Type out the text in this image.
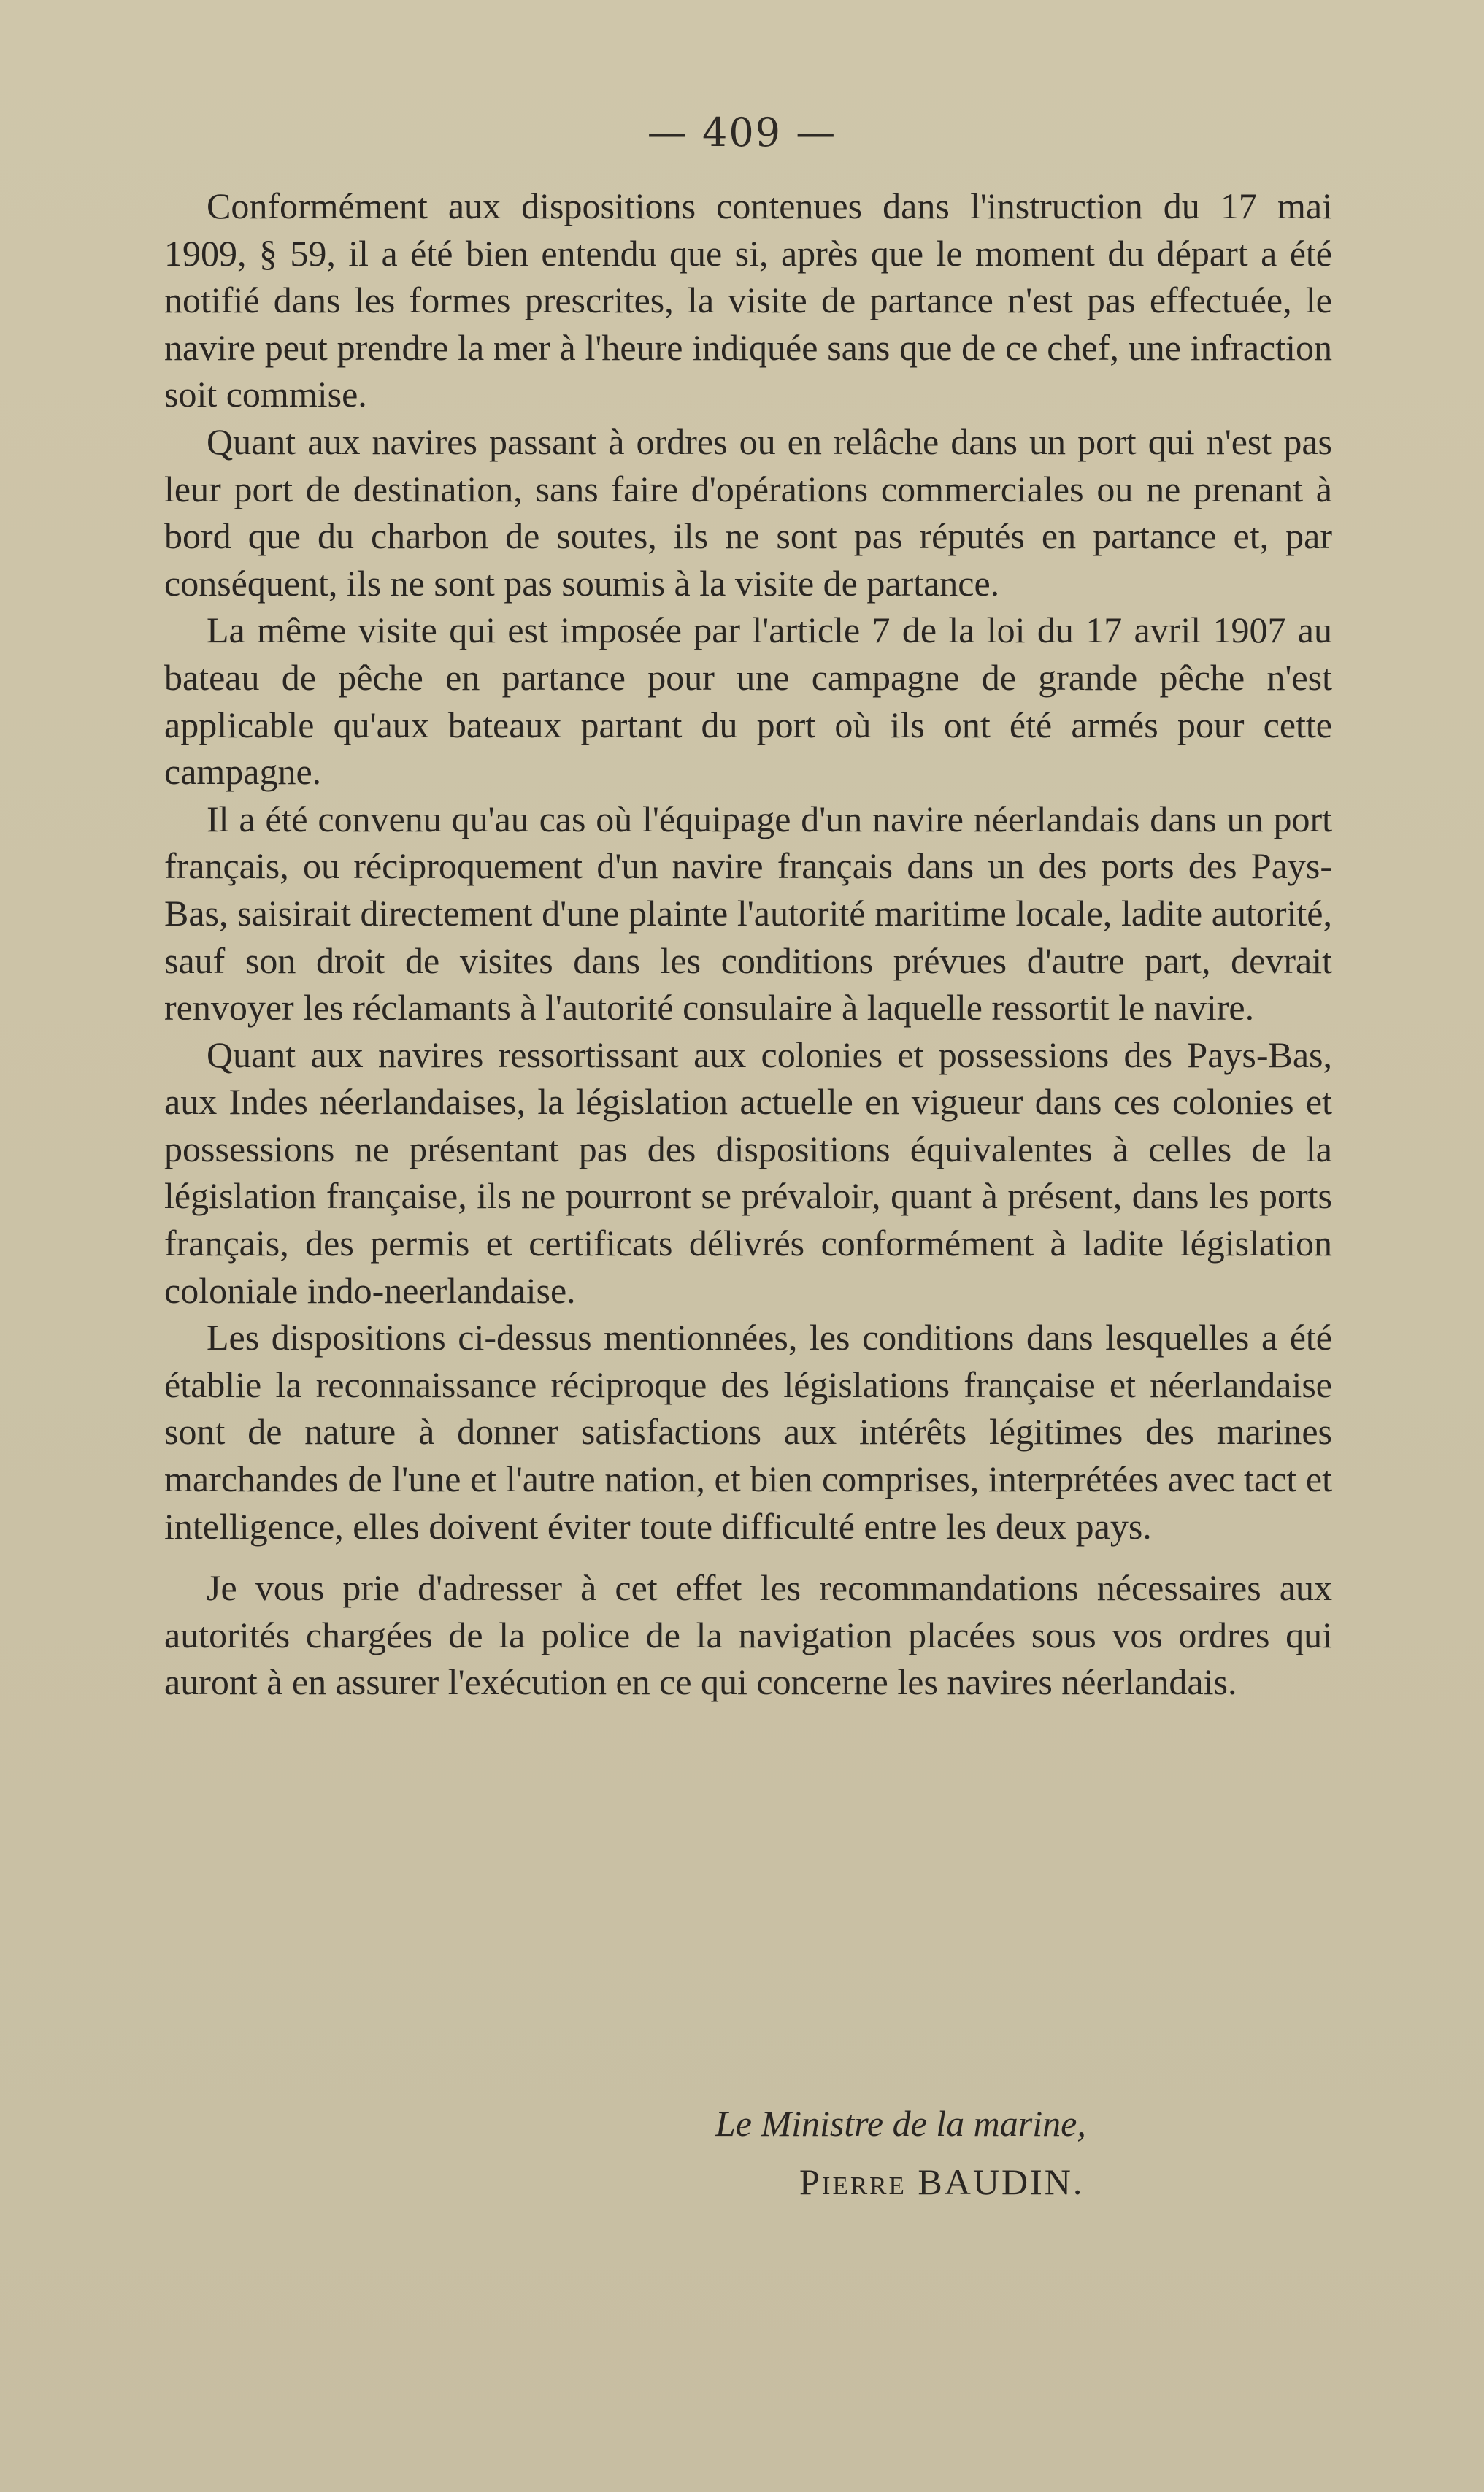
— 409 —

Conformément aux dispositions contenues dans l'instruction du 17 mai 1909, § 59, il a été bien entendu que si, après que le moment du départ a été notifié dans les formes prescrites, la visite de partance n'est pas effectuée, le navire peut prendre la mer à l'heure indiquée sans que de ce chef, une infraction soit commise.

Quant aux navires passant à ordres ou en relâche dans un port qui n'est pas leur port de destination, sans faire d'opérations commerciales ou ne prenant à bord que du charbon de soutes, ils ne sont pas réputés en partance et, par conséquent, ils ne sont pas soumis à la visite de partance.

La même visite qui est imposée par l'article 7 de la loi du 17 avril 1907 au bateau de pêche en partance pour une campagne de grande pêche n'est applicable qu'aux bateaux partant du port où ils ont été armés pour cette campagne.

Il a été convenu qu'au cas où l'équipage d'un navire néerlandais dans un port français, ou réciproquement d'un navire français dans un des ports des Pays-Bas, saisirait directement d'une plainte l'autorité maritime locale, ladite autorité, sauf son droit de visites dans les conditions prévues d'autre part, devrait renvoyer les réclamants à l'autorité consulaire à laquelle ressortit le navire.

Quant aux navires ressortissant aux colonies et possessions des Pays-Bas, aux Indes néerlandaises, la législation actuelle en vigueur dans ces colonies et possessions ne présentant pas des dispositions équivalentes à celles de la législation française, ils ne pourront se prévaloir, quant à présent, dans les ports français, des permis et certificats délivrés conformément à ladite législation coloniale indo-neerlandaise.

Les dispositions ci-dessus mentionnées, les conditions dans lesquelles a été établie la reconnaissance réciproque des législations française et néerlandaise sont de nature à donner satisfactions aux intérêts légitimes des marines marchandes de l'une et l'autre nation, et bien comprises, interprétées avec tact et intelligence, elles doivent éviter toute difficulté entre les deux pays.

Je vous prie d'adresser à cet effet les recommandations nécessaires aux autorités chargées de la police de la navigation placées sous vos ordres qui auront à en assurer l'exécution en ce qui concerne les navires néerlandais.

Le Ministre de la marine,
Pierre BAUDIN.
